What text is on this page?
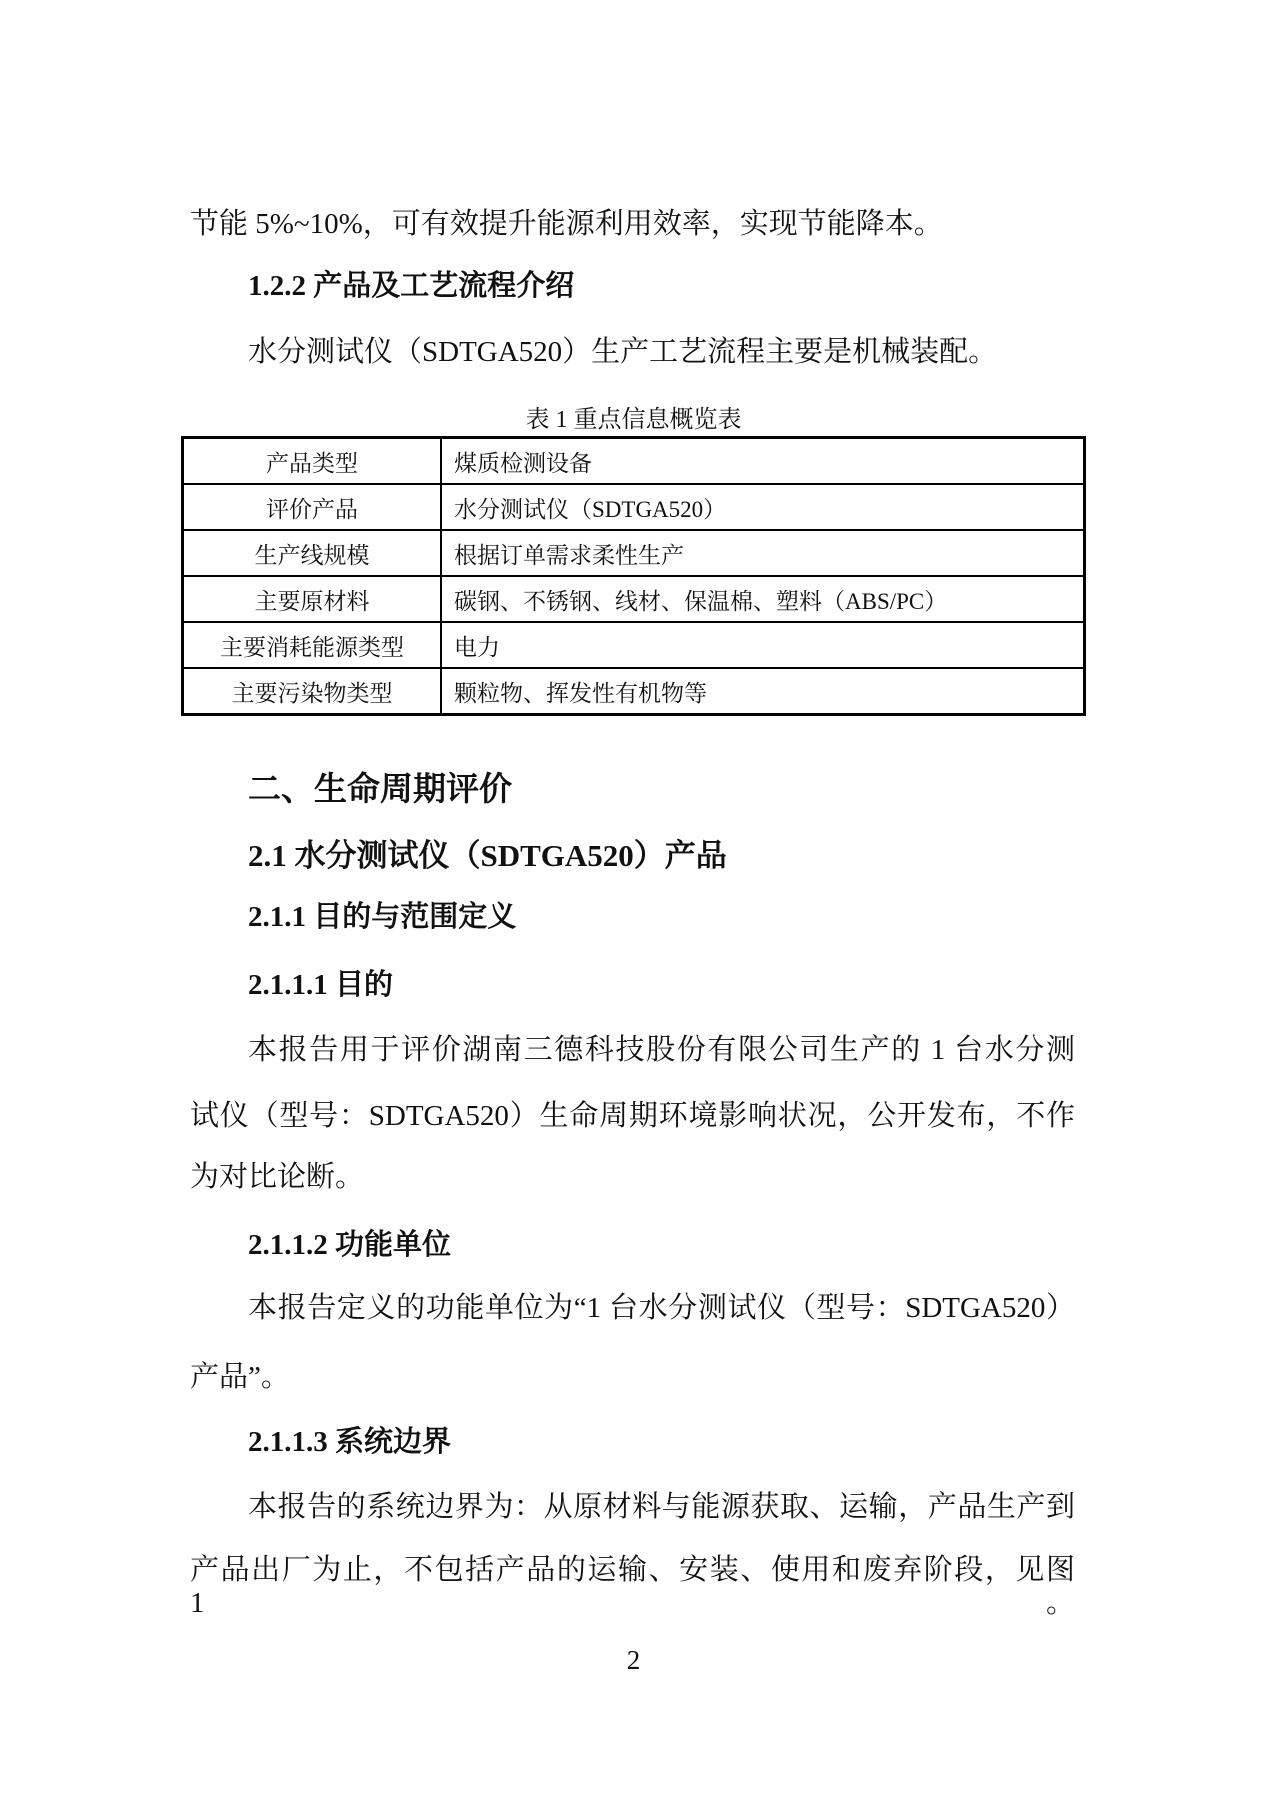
节能 5%~10%，可有效提升能源利用效率，实现节能降本。
1.2.2 产品及工艺流程介绍
水分测试仪（SDTGA520）生产工艺流程主要是机械装配。
表 1 重点信息概览表
产品类型	煤质检测设备
评价产品	水分测试仪（SDTGA520）
生产线规模	根据订单需求柔性生产
主要原材料	碳钢、不锈钢、线材、保温棉、塑料（ABS/PC）
主要消耗能源类型	电力
主要污染物类型	颗粒物、挥发性有机物等
二、生命周期评价
2.1 水分测试仪（SDTGA520）产品
2.1.1 目的与范围定义
2.1.1.1 目的
本报告用于评价湖南三德科技股份有限公司生产的 1 台水分测
试仪（型号：SDTGA520）生命周期环境影响状况，公开发布，不作
为对比论断。
2.1.1.2 功能单位
本报告定义的功能单位为“1 台水分测试仪（型号：SDTGA520）
产品”。
2.1.1.3 系统边界
本报告的系统边界为：从原材料与能源获取、运输，产品生产到
产品出厂为止，不包括产品的运输、安装、使用和废弃阶段，见图 1。
2
